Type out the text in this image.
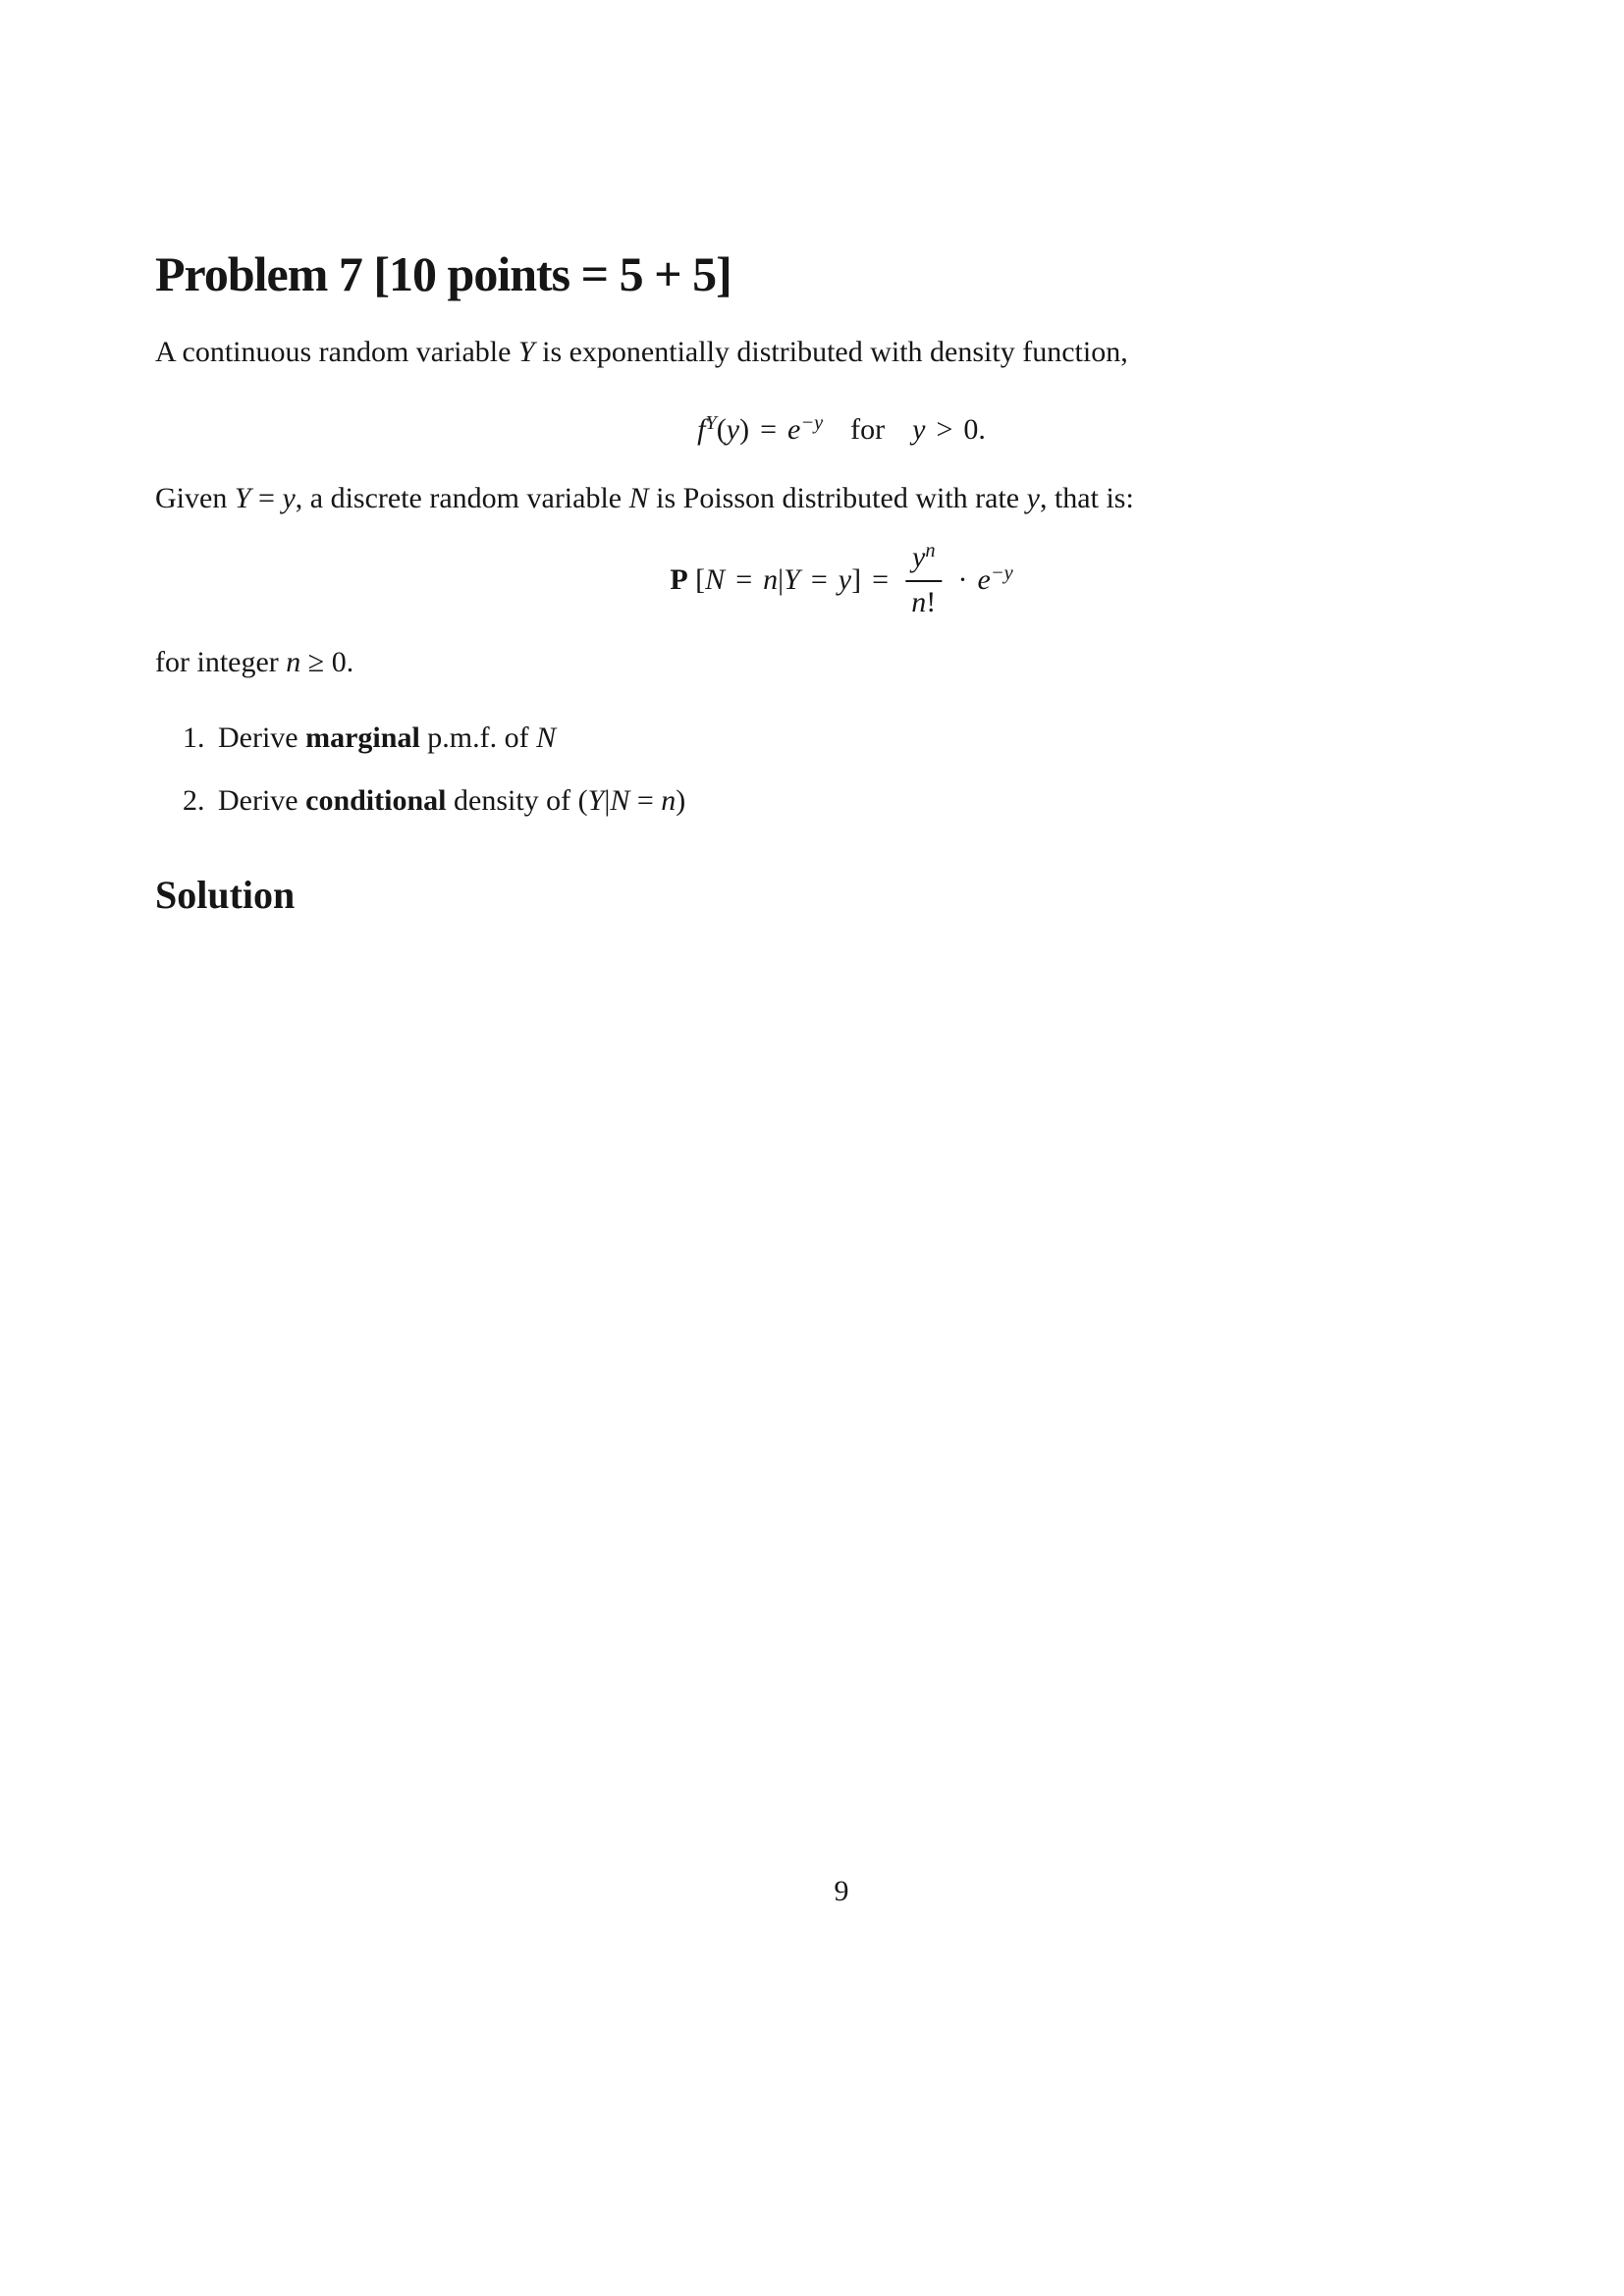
Problem 7 [10 points = 5 + 5]

A continuous random variable Y is exponentially distributed with density function,

$f^Y(y) = e^{-y}$ for y > 0.

Given Y = y, a discrete random variable N is Poisson distributed with rate y, that is:

P $[N = n|Y = y] = \frac{y^n}{n!} \cdot e^{-y}$

for integer n ≥ 0.

1. Derive marginal p.m.f. of N
2. Derive conditional density of (Y|N = n)
Solution
9
